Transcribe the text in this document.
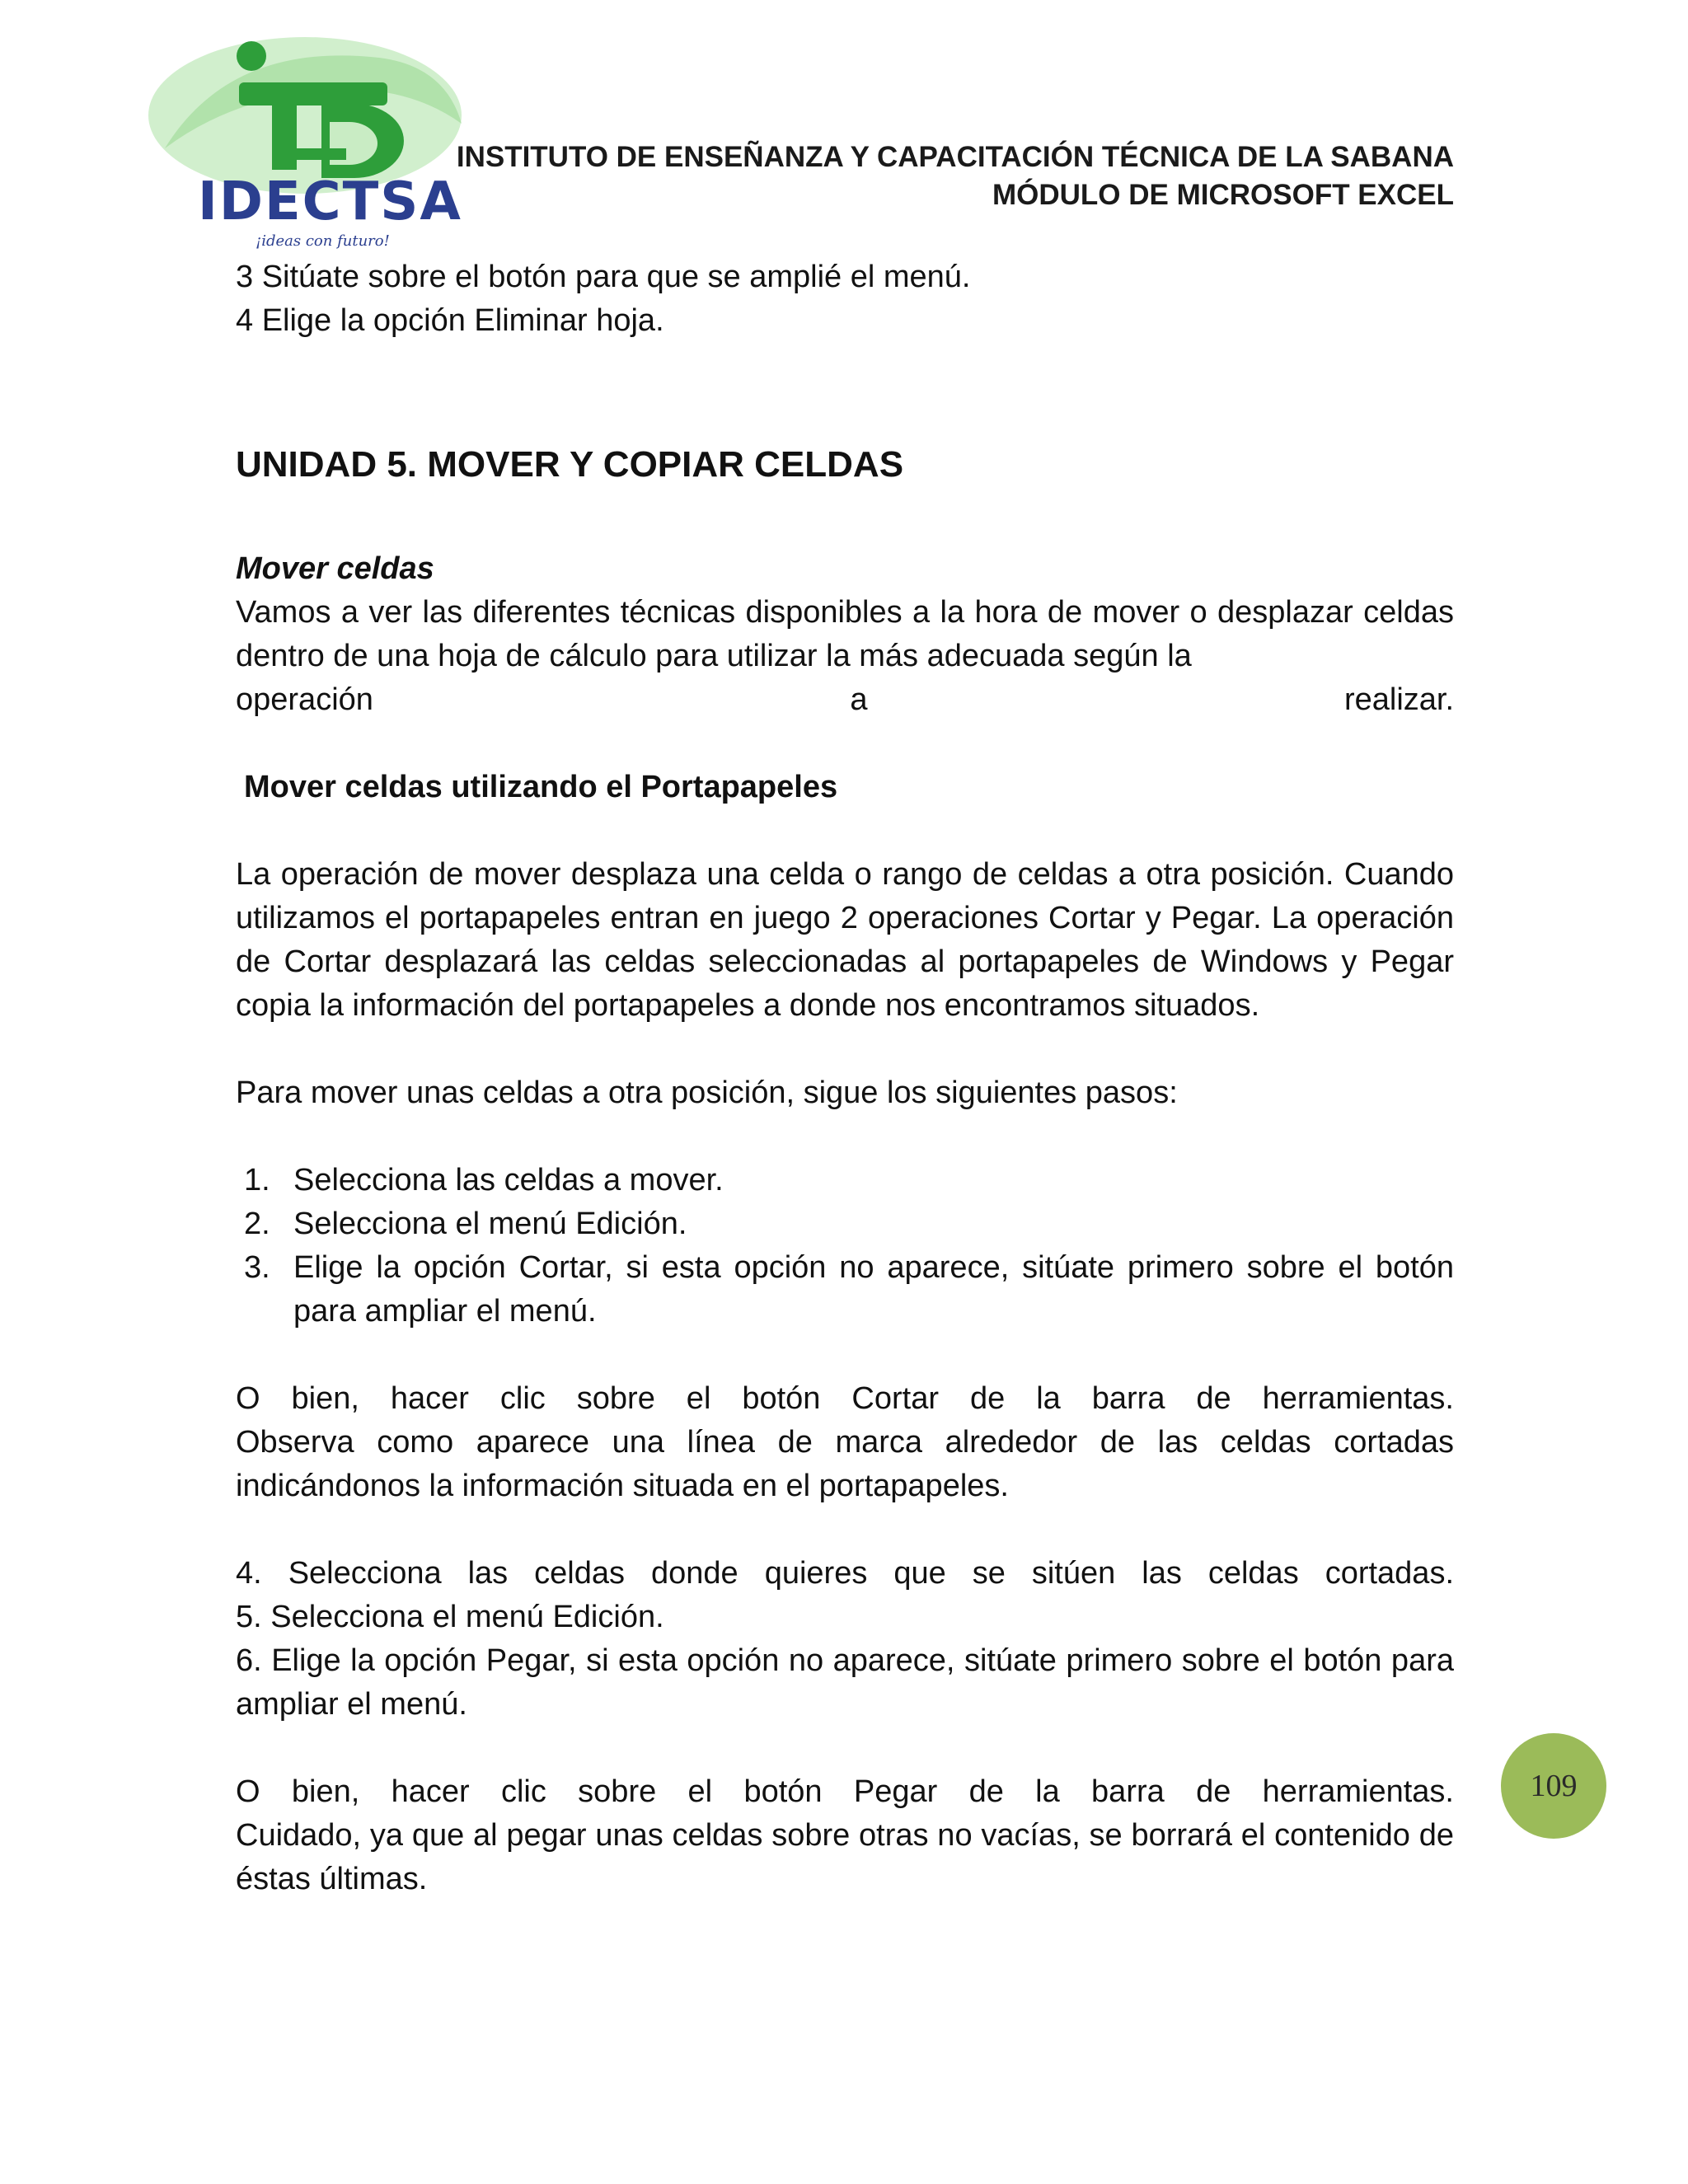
IDECTSA
¡ideas con futuro!
INSTITUTO DE ENSEÑANZA Y CAPACITACIÓN TÉCNICA DE LA SABANA
MÓDULO DE MICROSOFT EXCEL

3 Sitúate sobre el botón para que se amplié el menú.

4 Elige la opción Eliminar hoja.

UNIDAD 5. MOVER Y COPIAR CELDAS

Mover celdas

Vamos a ver las diferentes técnicas disponibles a la hora de mover o desplazar celdas dentro de una hoja de cálculo para utilizar la más adecuada según la

operación	a	realizar.

Mover celdas utilizando el Portapapeles

La operación de mover desplaza una celda o rango de celdas a otra posición. Cuando utilizamos el portapapeles entran en juego 2 operaciones Cortar y Pegar. La operación de Cortar desplazará las celdas seleccionadas al portapapeles de Windows y Pegar copia la información del portapapeles a donde nos encontramos situados.

Para mover unas celdas a otra posición, sigue los siguientes pasos:

1. Selecciona las celdas a mover.
2. Selecciona el menú Edición.
3. Elige la opción Cortar, si esta opción no aparece, sitúate primero sobre el botón para ampliar el menú.

O bien, hacer clic sobre el botón Cortar de la barra de herramientas.

Observa como aparece una línea de marca alrededor de las celdas cortadas indicándonos la información situada en el portapapeles.

4. Selecciona las celdas donde quieres que se sitúen las celdas cortadas.

5. Selecciona el menú Edición.

6. Elige la opción Pegar, si esta opción no aparece, sitúate primero sobre el botón para ampliar el menú.

O bien, hacer clic sobre el botón Pegar de la barra de herramientas.

Cuidado, ya que al pegar unas celdas sobre otras no vacías, se borrará el contenido de éstas últimas.

109
